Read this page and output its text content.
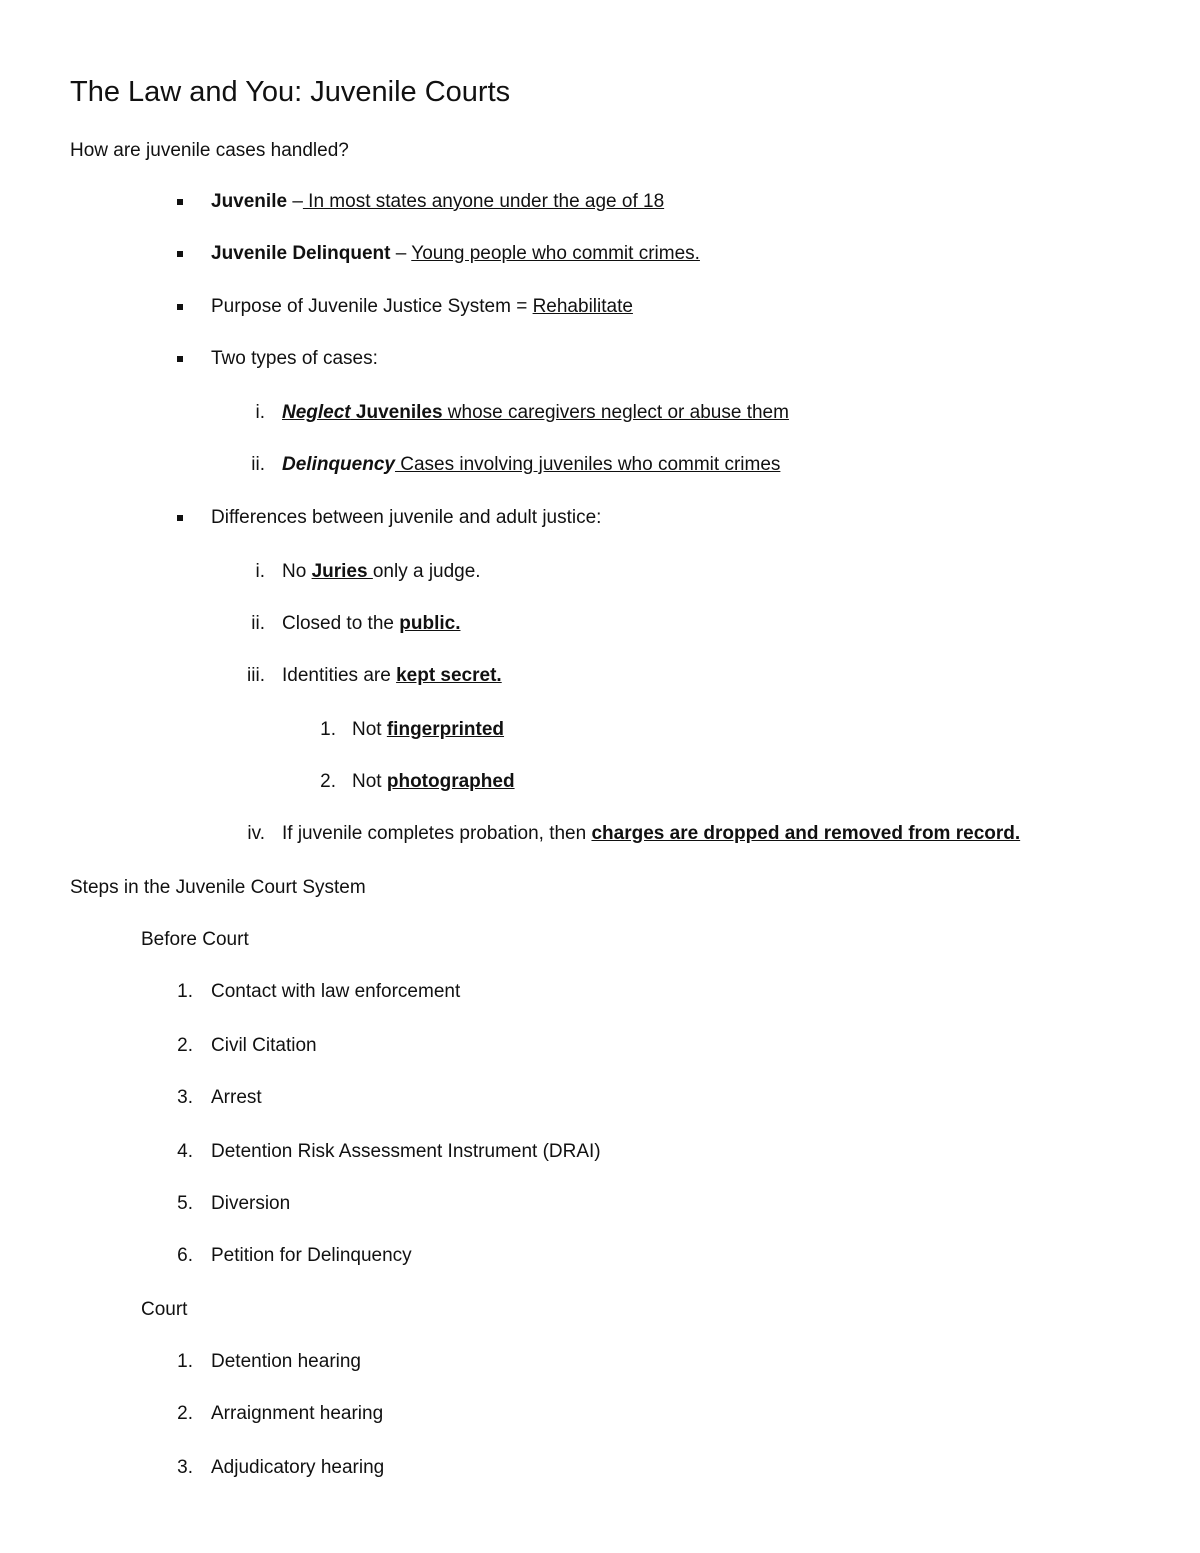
The Law and You: Juvenile Courts
How are juvenile cases handled?
Juvenile – In most states anyone under the age of 18
Juvenile Delinquent – Young people who commit crimes.
Purpose of Juvenile Justice System = Rehabilitate
Two types of cases:
i. Neglect Juveniles whose caregivers neglect or abuse them
ii. Delinquency Cases involving juveniles who commit crimes
Differences between juvenile and adult justice:
i. No Juries only a judge.
ii. Closed to the public.
iii. Identities are kept secret.
1. Not fingerprinted
2. Not photographed
iv. If juvenile completes probation, then charges are dropped and removed from record.
Steps in the Juvenile Court System
Before Court
1. Contact with law enforcement
2. Civil Citation
3. Arrest
4. Detention Risk Assessment Instrument (DRAI)
5. Diversion
6. Petition for Delinquency
Court
1. Detention hearing
2. Arraignment hearing
3. Adjudicatory hearing
